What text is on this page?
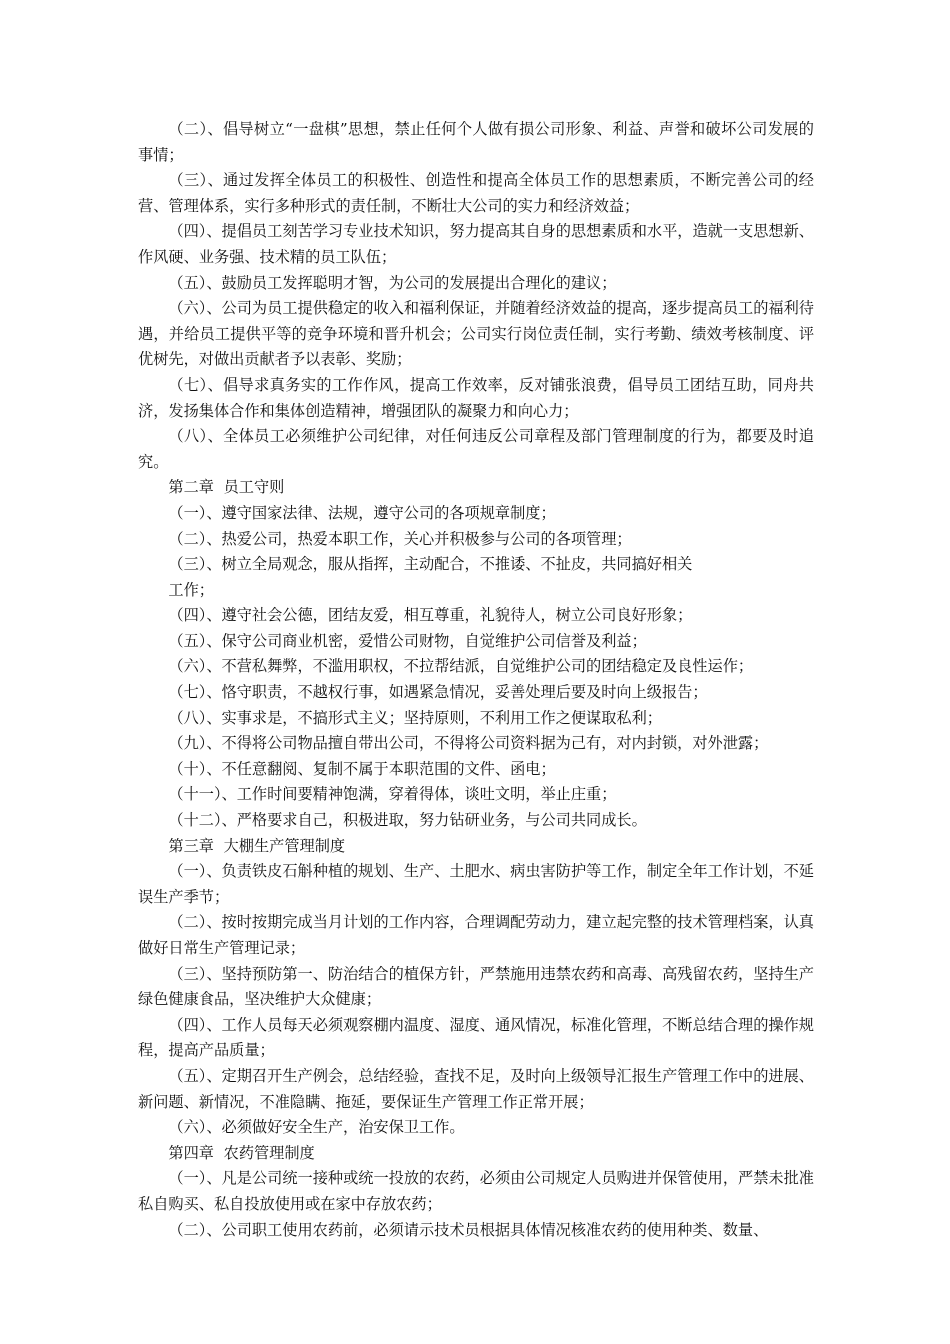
（二）、倡导树立“一盘棋”思想，禁止任何个人做有损公司形象、利益、声誉和破坏公司发展的事情；

（三）、通过发挥全体员工的积极性、创造性和提高全体员工作的思想素质，不断完善公司的经营、管理体系，实行多种形式的责任制，不断壮大公司的实力和经济效益；

（四）、提倡员工刻苦学习专业技术知识，努力提高其自身的思想素质和水平，造就一支思想新、作风硬、业务强、技术精的员工队伍；

（五）、鼓励员工发挥聪明才智，为公司的发展提出合理化的建议；

（六）、公司为员工提供稳定的收入和福利保证，并随着经济效益的提高，逐步提高员工的福利待遇，并给员工提供平等的竞争环境和晋升机会；公司实行岗位责任制，实行考勤、绩效考核制度、评优树先，对做出贡献者予以表彰、奖励；

（七）、倡导求真务实的工作作风，提高工作效率，反对铺张浪费，倡导员工团结互助，同舟共济，发扬集体合作和集体创造精神，增强团队的凝聚力和向心力；

（八）、全体员工必须维护公司纪律，对任何违反公司章程及部门管理制度的行为，都要及时追究。

第二章  员工守则

（一）、遵守国家法律、法规，遵守公司的各项规章制度；

（二）、热爱公司，热爱本职工作，关心并积极参与公司的各项管理；

（三）、树立全局观念，服从指挥，主动配合，不推诿、不扯皮，共同搞好相关

工作；

（四）、遵守社会公德，团结友爱，相互尊重，礼貌待人，树立公司良好形象；

（五）、保守公司商业机密，爱惜公司财物，自觉维护公司信誉及利益；

（六）、不营私舞弊，不滥用职权，不拉帮结派，自觉维护公司的团结稳定及良性运作；

（七）、恪守职责，不越权行事，如遇紧急情况，妥善处理后要及时向上级报告；

（八）、实事求是，不搞形式主义；坚持原则，不利用工作之便谋取私利；

（九）、不得将公司物品擅自带出公司，不得将公司资料据为己有，对内封锁，对外泄露；

（十）、不任意翻阅、复制不属于本职范围的文件、函电；

（十一）、工作时间要精神饱满，穿着得体，谈吐文明，举止庄重；

（十二）、严格要求自己，积极进取，努力钻研业务，与公司共同成长。

第三章  大棚生产管理制度

（一）、负责铁皮石斛种植的规划、生产、土肥水、病虫害防护等工作，制定全年工作计划，不延误生产季节；

（二）、按时按期完成当月计划的工作内容，合理调配劳动力，建立起完整的技术管理档案，认真做好日常生产管理记录；

（三）、坚持预防第一、防治结合的植保方针，严禁施用违禁农药和高毒、高残留农药，坚持生产绿色健康食品，坚决维护大众健康；

（四）、工作人员每天必须观察棚内温度、湿度、通风情况，标准化管理，不断总结合理的操作规程，提高产品质量；

（五）、定期召开生产例会，总结经验，查找不足，及时向上级领导汇报生产管理工作中的进展、新问题、新情况，不准隐瞒、拖延，要保证生产管理工作正常开展；

（六）、必须做好安全生产，治安保卫工作。

第四章  农药管理制度

（一）、凡是公司统一接种或统一投放的农药，必须由公司规定人员购进并保管使用，严禁未批准私自购买、私自投放使用或在家中存放农药；

（二）、公司职工使用农药前，必须请示技术员根据具体情况核准农药的使用种类、数量、
